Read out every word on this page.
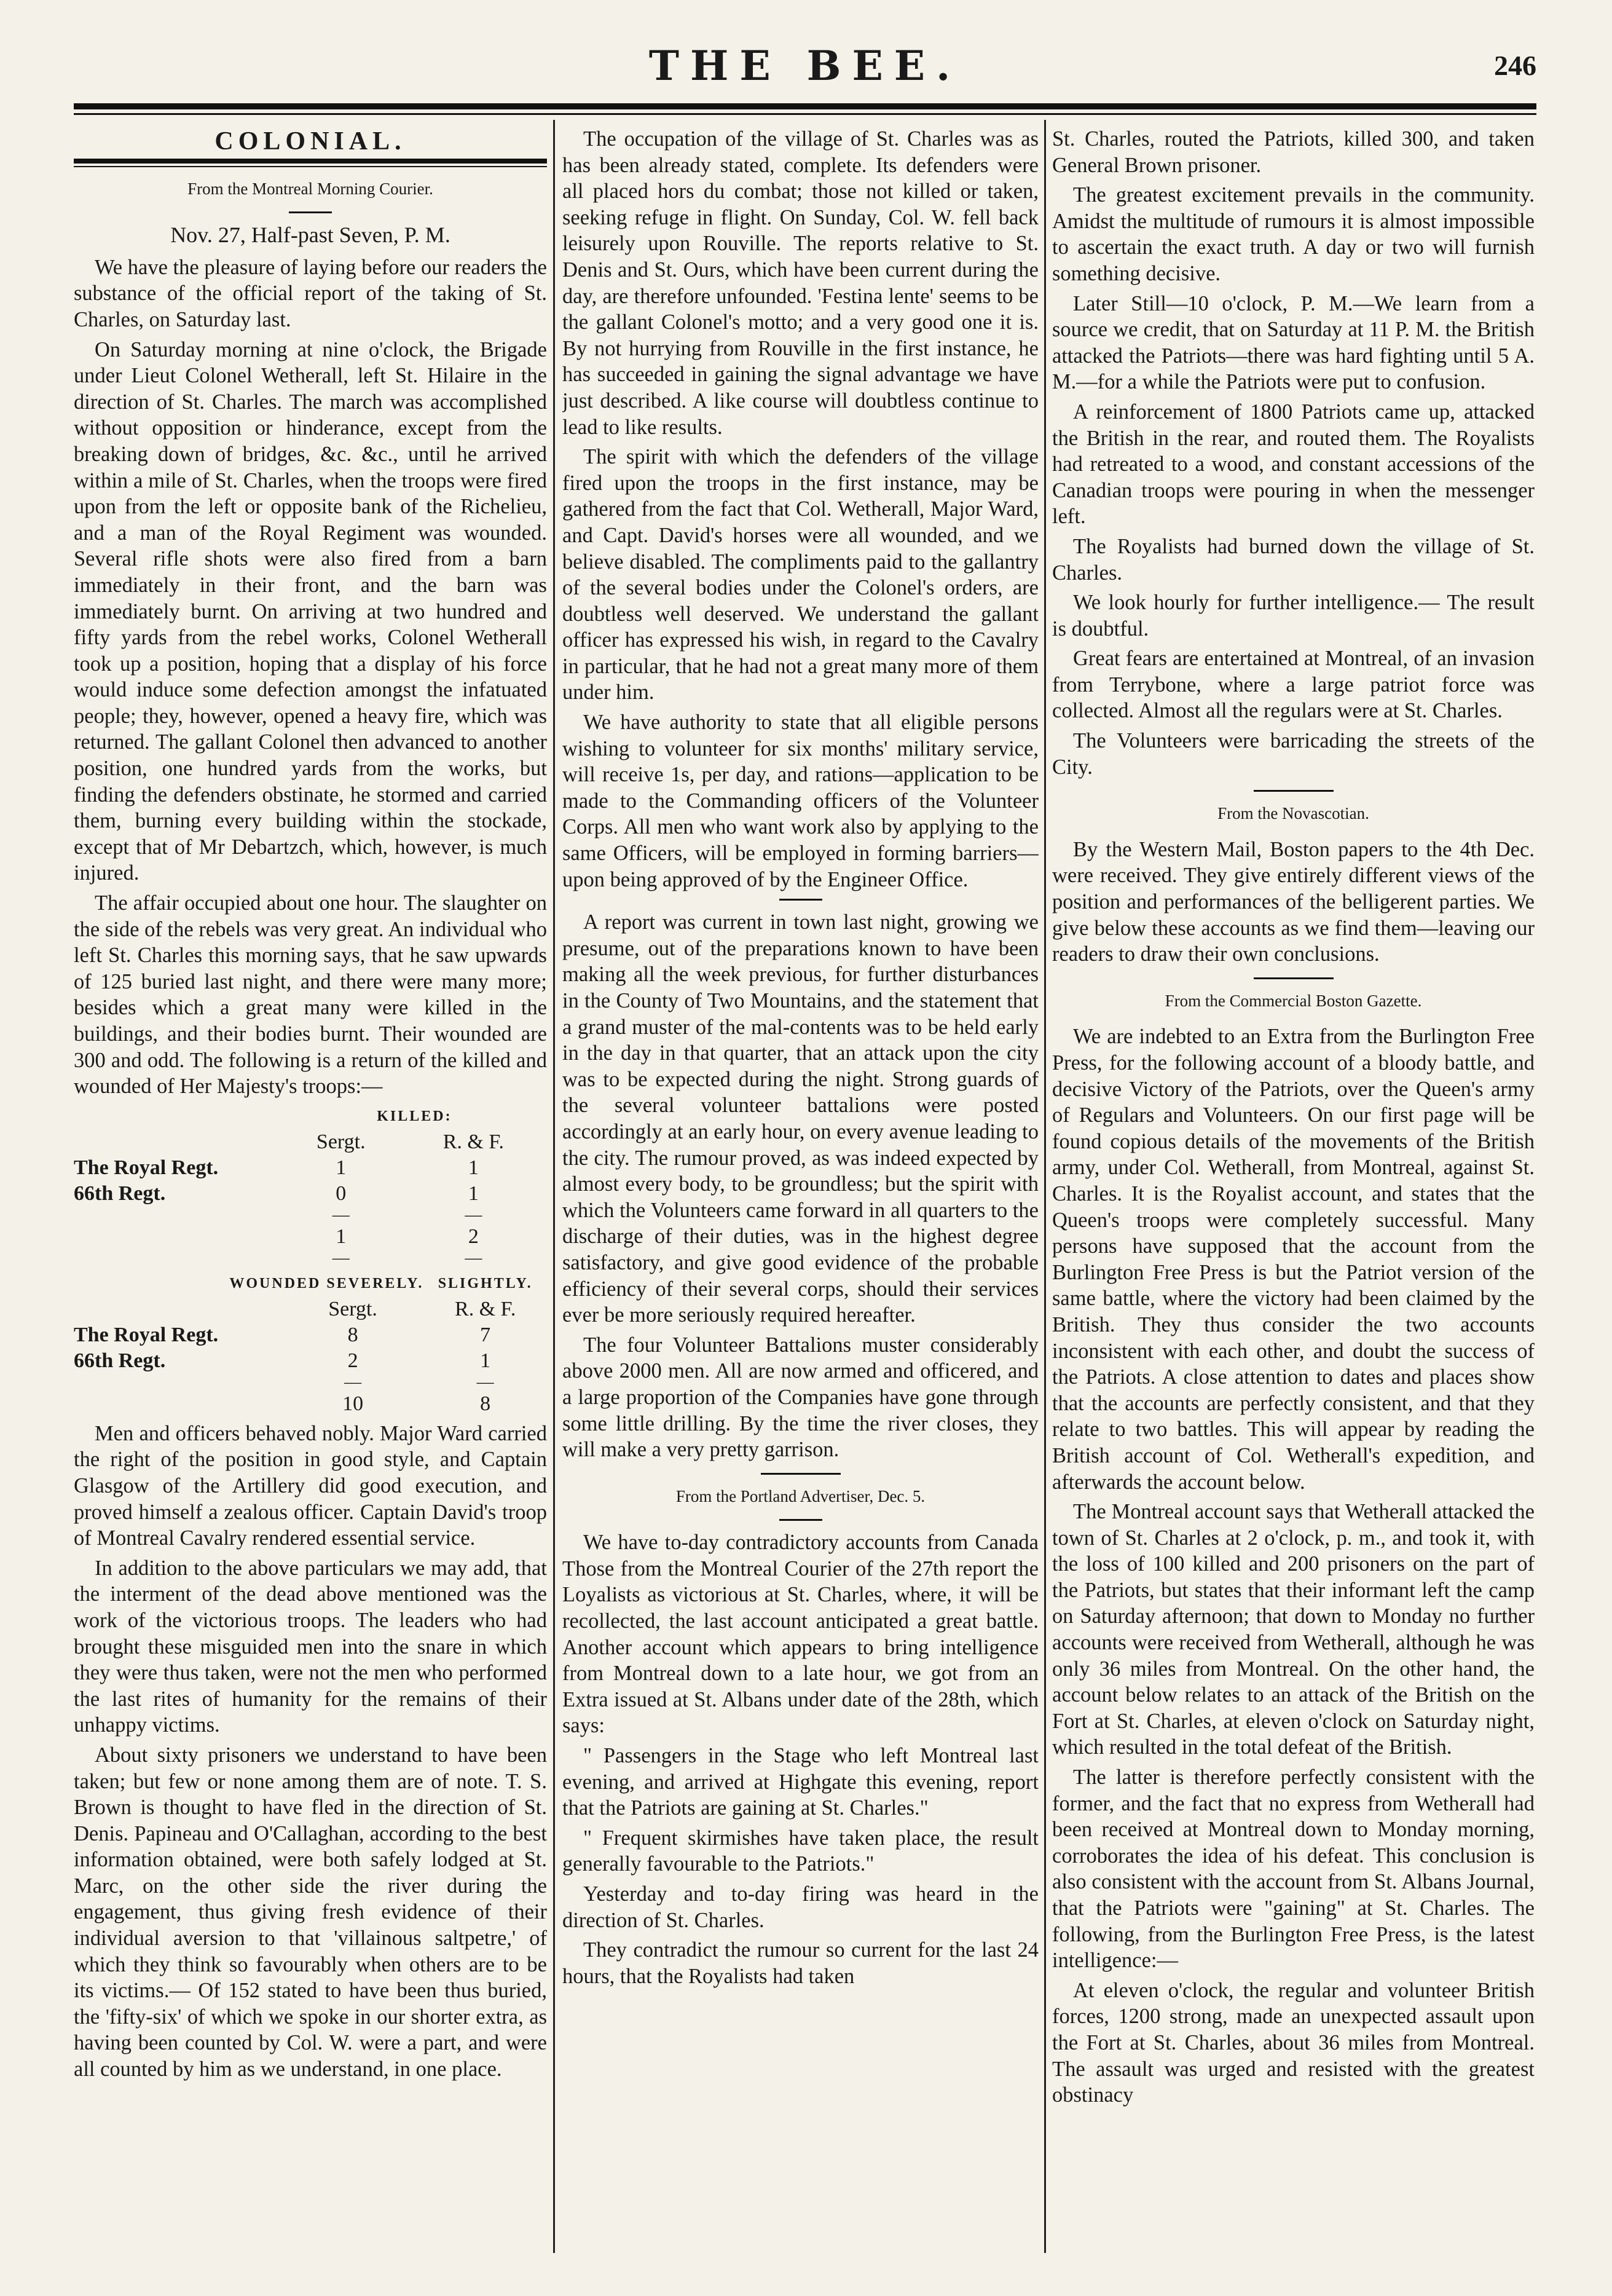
THE BEE.	246
COLONIAL.
From the Montreal Morning Courier.
Nov. 27, Half-past Seven, P. M.

We have the pleasure of laying before our readers the substance of the official report of the taking of St. Charles, on Saturday last.

On Saturday morning at nine o'clock, the Brigade under Lieut Colonel Wetherall, left St. Hilaire in the direction of St. Charles. The march was accomplished without opposition or hinderance, except from the breaking down of bridges, &c. &c., until he arrived within a mile of St. Charles, when the troops were fired upon from the left or opposite bank of the Richelieu, and a man of the Royal Regiment was wounded. Several rifle shots were also fired from a barn immediately in their front, and the barn was immediately burnt. On arriving at two hundred and fifty yards from the rebel works, Colonel Wetherall took up a position, hoping that a display of his force would induce some defection amongst the infatuated people; they, however, opened a heavy fire, which was returned. The gallant Colonel then advanced to another position, one hundred yards from the works, but finding the defenders obstinate, he stormed and carried them, burning every building within the stockade, except that of Mr Debartzch, which, however, is much injured.

The affair occupied about one hour. The slaughter on the side of the rebels was very great. An individual who left St. Charles this morning says, that he saw upwards of 125 buried last night, and there were many more; besides which a great many were killed in the buildings, and their bodies burnt. Their wounded are 300 and odd. The following is a return of the killed and wounded of Her Majesty's troops:—

	KILLED:	
	Sergt.	R. & F.
The Royal Regt.	1	1
66th Regt.	0	1
	—	—
	1	2
	—	—
WOUNDED SEVERELY.		SLIGHTLY.
	Sergt.	R. & F.
The Royal Regt.	8	7
66th Regt.	2	1
	—	—
	10	8

Men and officers behaved nobly. Major Ward carried the right of the position in good style, and Captain Glasgow of the Artillery did good execution, and proved himself a zealous officer. Captain David's troop of Montreal Cavalry rendered essential service.

In addition to the above particulars we may add, that the interment of the dead above mentioned was the work of the victorious troops. The leaders who had brought these misguided men into the snare in which they were thus taken, were not the men who performed the last rites of humanity for the remains of their unhappy victims.

About sixty prisoners we understand to have been taken; but few or none among them are of note. T. S. Brown is thought to have fled in the direction of St. Denis. Papineau and O'Callaghan, according to the best information obtained, were both safely lodged at St. Marc, on the other side the river during the engagement, thus giving fresh evidence of their individual aversion to that 'villainous saltpetre,' of which they think so favourably when others are to be its victims.— Of 152 stated to have been thus buried, the 'fifty-six' of which we spoke in our shorter extra, as having been counted by Col. W. were a part, and were all counted by him as we understand, in one place.

The occupation of the village of St. Charles was as has been already stated, complete. Its defenders were all placed hors du combat; those not killed or taken, seeking refuge in flight. On Sunday, Col. W. fell back leisurely upon Rouville. The reports relative to St. Denis and St. Ours, which have been current during the day, are therefore unfounded. 'Festina lente' seems to be the gallant Colonel's motto; and a very good one it is. By not hurrying from Rouville in the first instance, he has succeeded in gaining the signal advantage we have just described. A like course will doubtless continue to lead to like results.

The spirit with which the defenders of the village fired upon the troops in the first instance, may be gathered from the fact that Col. Wetherall, Major Ward, and Capt. David's horses were all wounded, and we believe disabled. The compliments paid to the gallantry of the several bodies under the Colonel's orders, are doubtless well deserved. We understand the gallant officer has expressed his wish, in regard to the Cavalry in particular, that he had not a great many more of them under him.

We have authority to state that all eligible persons wishing to volunteer for six months' military service, will receive 1s, per day, and rations—application to be made to the Commanding officers of the Volunteer Corps. All men who want work also by applying to the same Officers, will be employed in forming barriers—upon being approved of by the Engineer Office.

A report was current in town last night, growing we presume, out of the preparations known to have been making all the week previous, for further disturbances in the County of Two Mountains, and the statement that a grand muster of the mal-contents was to be held early in the day in that quarter, that an attack upon the city was to be expected during the night. Strong guards of the several volunteer battalions were posted accordingly at an early hour, on every avenue leading to the city. The rumour proved, as was indeed expected by almost every body, to be groundless; but the spirit with which the Volunteers came forward in all quarters to the discharge of their duties, was in the highest degree satisfactory, and give good evidence of the probable efficiency of their several corps, should their services ever be more seriously required hereafter.

The four Volunteer Battalions muster considerably above 2000 men. All are now armed and officered, and a large proportion of the Companies have gone through some little drilling. By the time the river closes, they will make a very pretty garrison.

From the Portland Advertiser, Dec. 5.

We have to-day contradictory accounts from Canada Those from the Montreal Courier of the 27th report the Loyalists as victorious at St. Charles, where, it will be recollected, the last account anticipated a great battle. Another account which appears to bring intelligence from Montreal down to a late hour, we got from an Extra issued at St. Albans under date of the 28th, which says:

" Passengers in the Stage who left Montreal last evening, and arrived at Highgate this evening, report that the Patriots are gaining at St. Charles."

" Frequent skirmishes have taken place, the result generally favourable to the Patriots."

Yesterday and to-day firing was heard in the direction of St. Charles.

They contradict the rumour so current for the last 24 hours, that the Royalists had taken

St. Charles, routed the Patriots, killed 300, and taken General Brown prisoner.

The greatest excitement prevails in the community. Amidst the multitude of rumours it is almost impossible to ascertain the exact truth. A day or two will furnish something decisive.

Later Still—10 o'clock, P. M.—We learn from a source we credit, that on Saturday at 11 P. M. the British attacked the Patriots—there was hard fighting until 5 A. M.—for a while the Patriots were put to confusion.

A reinforcement of 1800 Patriots came up, attacked the British in the rear, and routed them. The Royalists had retreated to a wood, and constant accessions of the Canadian troops were pouring in when the messenger left.

The Royalists had burned down the village of St. Charles.

We look hourly for further intelligence.— The result is doubtful.

Great fears are entertained at Montreal, of an invasion from Terrybone, where a large patriot force was collected. Almost all the regulars were at St. Charles.

The Volunteers were barricading the streets of the City.

From the Novascotian.

By the Western Mail, Boston papers to the 4th Dec. were received. They give entirely different views of the position and performances of the belligerent parties. We give below these accounts as we find them—leaving our readers to draw their own conclusions.

From the Commercial Boston Gazette.

We are indebted to an Extra from the Burlington Free Press, for the following account of a bloody battle, and decisive Victory of the Patriots, over the Queen's army of Regulars and Volunteers. On our first page will be found copious details of the movements of the British army, under Col. Wetherall, from Montreal, against St. Charles. It is the Royalist account, and states that the Queen's troops were completely successful. Many persons have supposed that the account from the Burlington Free Press is but the Patriot version of the same battle, where the victory had been claimed by the British. They thus consider the two accounts inconsistent with each other, and doubt the success of the Patriots. A close attention to dates and places show that the accounts are perfectly consistent, and that they relate to two battles. This will appear by reading the British account of Col. Wetherall's expedition, and afterwards the account below.

The Montreal account says that Wetherall attacked the town of St. Charles at 2 o'clock, p. m., and took it, with the loss of 100 killed and 200 prisoners on the part of the Patriots, but states that their informant left the camp on Saturday afternoon; that down to Monday no further accounts were received from Wetherall, although he was only 36 miles from Montreal. On the other hand, the account below relates to an attack of the British on the Fort at St. Charles, at eleven o'clock on Saturday night, which resulted in the total defeat of the British.

The latter is therefore perfectly consistent with the former, and the fact that no express from Wetherall had been received at Montreal down to Monday morning, corroborates the idea of his defeat. This conclusion is also consistent with the account from St. Albans Journal, that the Patriots were "gaining" at St. Charles. The following, from the Burlington Free Press, is the latest intelligence:—

At eleven o'clock, the regular and volunteer British forces, 1200 strong, made an unexpected assault upon the Fort at St. Charles, about 36 miles from Montreal. The assault was urged and resisted with the greatest obstinacy
